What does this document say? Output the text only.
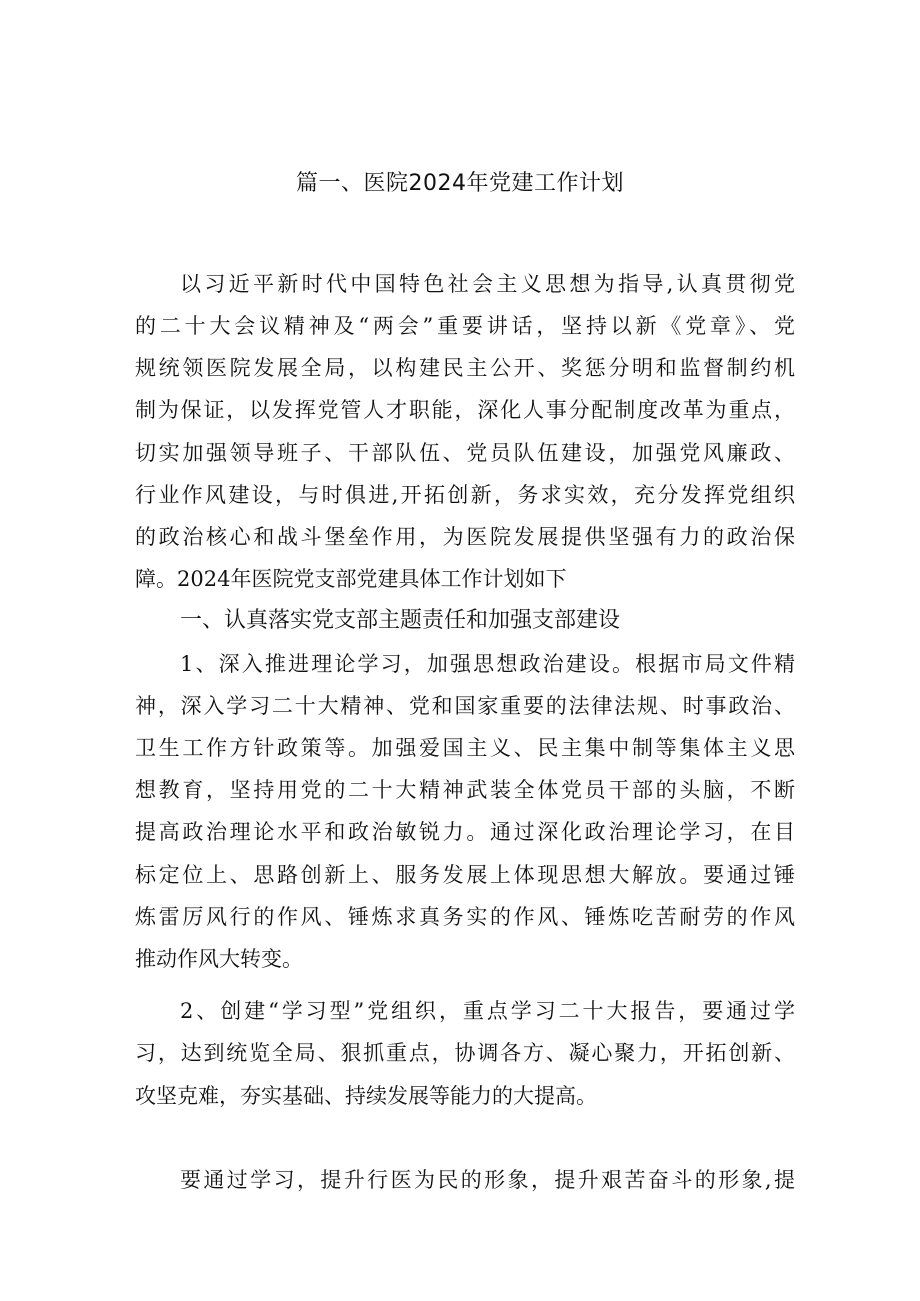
篇一、医院2024年党建工作计划
以习近平新时代中国特色社会主义思想为指导,认真贯彻党
的二十大会议精神及“两会”重要讲话，坚持以新《党章》、党
规统领医院发展全局，以构建民主公开、奖惩分明和监督制约机
制为保证，以发挥党管人才职能，深化人事分配制度改革为重点，
切实加强领导班子、干部队伍、党员队伍建设，加强党风廉政、
行业作风建设，与时俱进,开拓创新，务求实效，充分发挥党组织
的政治核心和战斗堡垒作用，为医院发展提供坚强有力的政治保
障。2024年医院党支部党建具体工作计划如下
一、认真落实党支部主题责任和加强支部建设
1、深入推进理论学习，加强思想政治建设。根据市局文件精
神，深入学习二十大精神、党和国家重要的法律法规、时事政治、
卫生工作方针政策等。加强爱国主义、民主集中制等集体主义思
想教育，坚持用党的二十大精神武装全体党员干部的头脑，不断
提高政治理论水平和政治敏锐力。通过深化政治理论学习，在目
标定位上、思路创新上、服务发展上体现思想大解放。要通过锤
炼雷厉风行的作风、锤炼求真务实的作风、锤炼吃苦耐劳的作风
推动作风大转变。
2、创建“学习型”党组织，重点学习二十大报告，要通过学
习，达到统览全局、狠抓重点，协调各方、凝心聚力，开拓创新、
攻坚克难，夯实基础、持续发展等能力的大提高。
要通过学习，提升行医为民的形象，提升艰苦奋斗的形象,提
